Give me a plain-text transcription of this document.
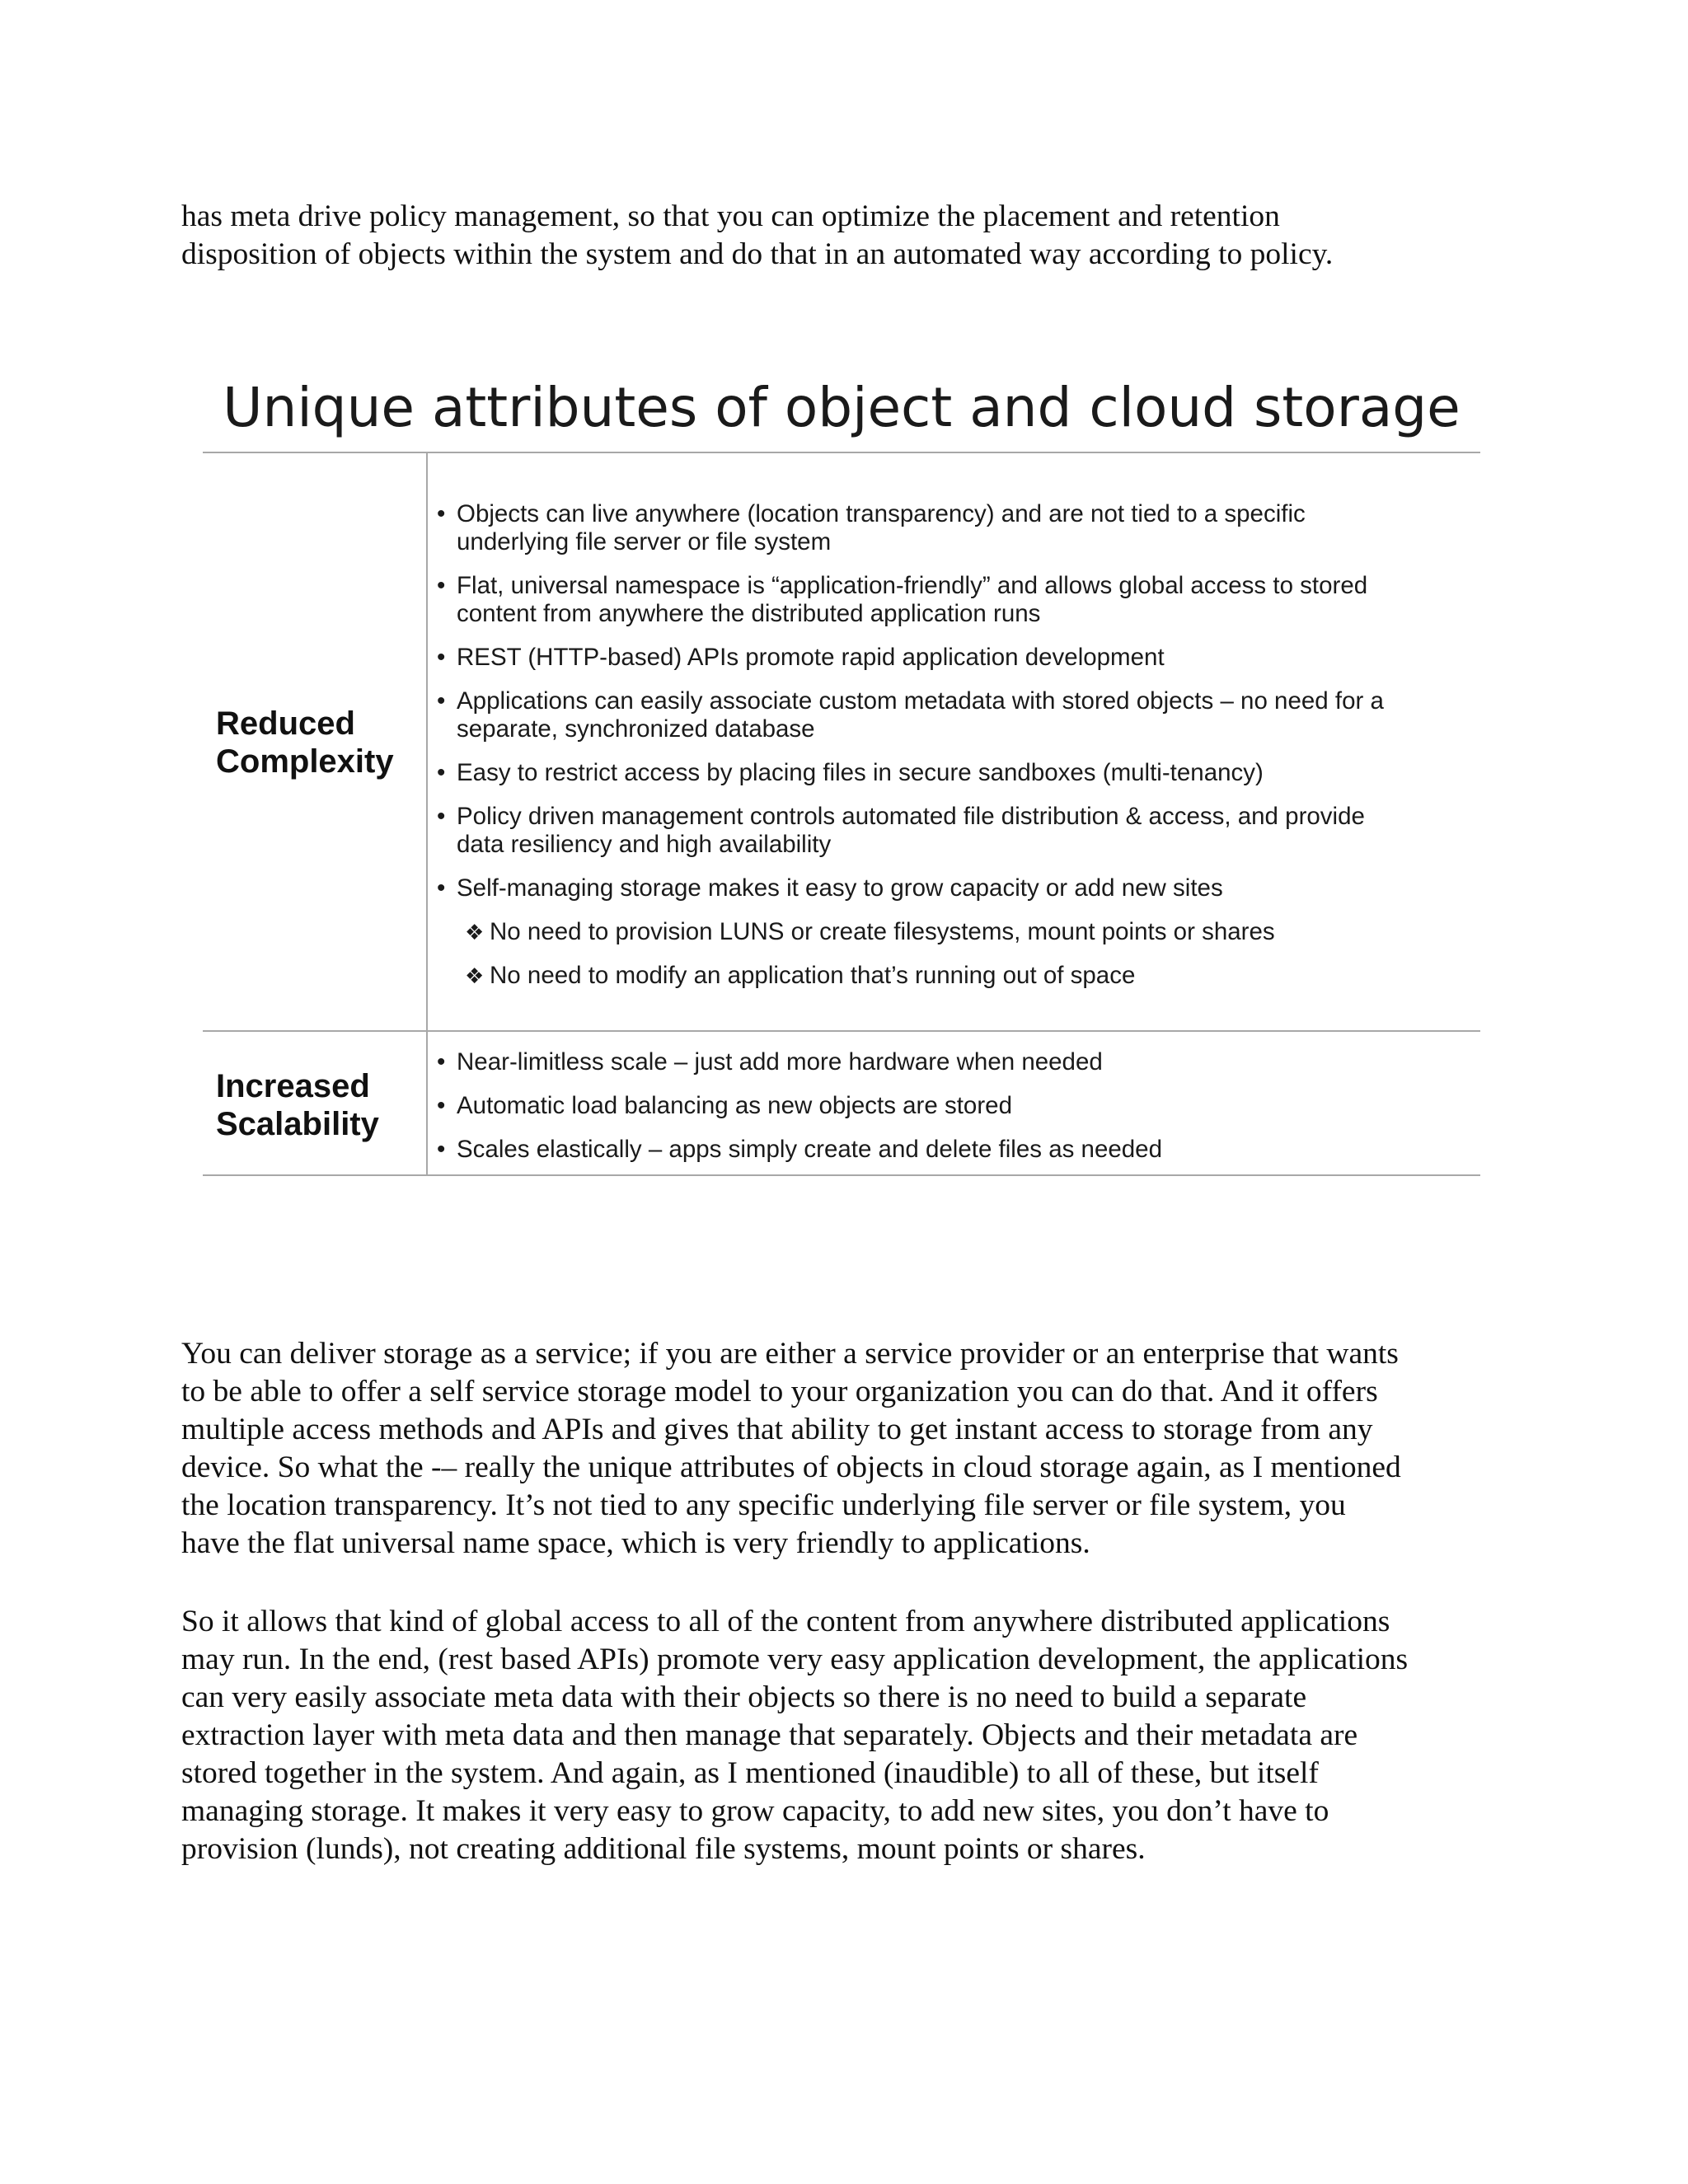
has meta drive policy management, so that you can optimize the placement and retention
disposition of objects within the system and do that in an automated way according to policy.

Unique attributes of object and cloud storage
Reduced
Complexity
• Objects can live anywhere (location transparency) and are not tied to a specific
underlying file server or file system
• Flat, universal namespace is “application-friendly” and allows global access to stored
content from anywhere the distributed application runs
• REST (HTTP-based) APIs promote rapid application development
• Applications can easily associate custom metadata with stored objects – no need for a
separate, synchronized database
• Easy to restrict access by placing files in secure sandboxes (multi-tenancy)
• Policy driven management controls automated file distribution & access, and provide
data resiliency and high availability
• Self-managing storage makes it easy to grow capacity or add new sites
❖ No need to provision LUNS or create filesystems, mount points or shares
❖ No need to modify an application that’s running out of space
Increased
Scalability
• Near-limitless scale – just add more hardware when needed
• Automatic load balancing as new objects are stored
• Scales elastically – apps simply create and delete files as needed

You can deliver storage as a service; if you are either a service provider or an enterprise that wants
to be able to offer a self service storage model to your organization you can do that. And it offers
multiple access methods and APIs and gives that ability to get instant access to storage from any
device. So what the -– really the unique attributes of objects in cloud storage again, as I mentioned
the location transparency. It’s not tied to any specific underlying file server or file system, you
have the flat universal name space, which is very friendly to applications.

So it allows that kind of global access to all of the content from anywhere distributed applications
may run. In the end, (rest based APIs) promote very easy application development, the applications
can very easily associate meta data with their objects so there is no need to build a separate
extraction layer with meta data and then manage that separately. Objects and their metadata are
stored together in the system. And again, as I mentioned (inaudible) to all of these, but itself
managing storage. It makes it very easy to grow capacity, to add new sites, you don’t have to
provision (lunds), not creating additional file systems, mount points or shares.
